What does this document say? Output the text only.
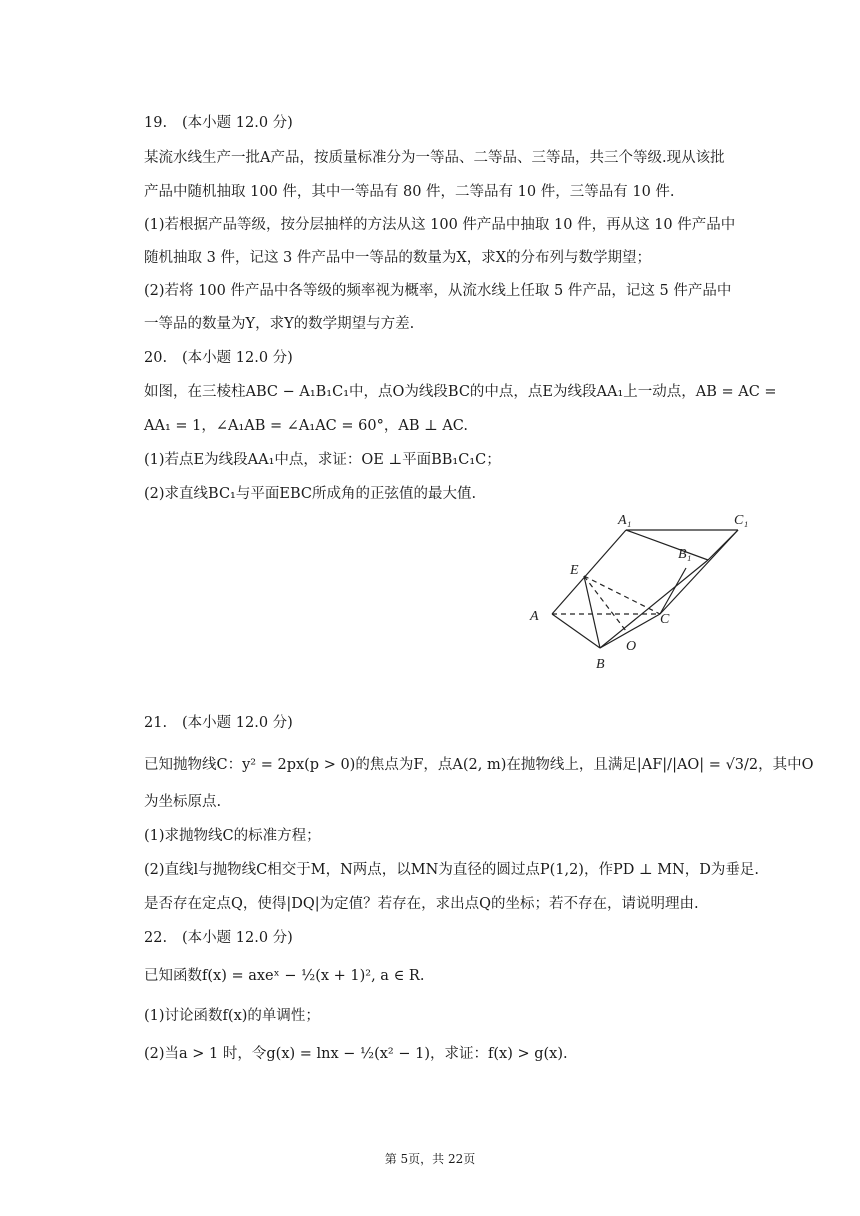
19. (本小题 12.0 分)
某流水线生产一批A产品，按质量标准分为一等品、二等品、三等品，共三个等级.现从该批
产品中随机抽取 100 件，其中一等品有 80 件，二等品有 10 件，三等品有 10 件.
(1)若根据产品等级，按分层抽样的方法从这 100 件产品中抽取 10 件，再从这 10 件产品中
随机抽取 3 件，记这 3 件产品中一等品的数量为X，求X的分布列与数学期望；
(2)若将 100 件产品中各等级的频率视为概率，从流水线上任取 5 件产品，记这 5 件产品中
一等品的数量为Y，求Y的数学期望与方差.
20. (本小题 12.0 分)
如图，在三棱柱ABC − A₁B₁C₁中，点O为线段BC的中点，点E为线段AA₁上一动点，AB = AC =
AA₁ = 1，∠A₁AB = ∠A₁AC = 60°，AB ⊥ AC.
(1)若点E为线段AA₁中点，求证：OE ⊥平面BB₁C₁C；
(2)求直线BC₁与平面EBC所成角的正弦值的最大值.
A₁	C₁
B₁
E
A	C
O
B
21. (本小题 12.0 分)
已知抛物线C：y² = 2px(p > 0)的焦点为F，点A(2, m)在抛物线上，且满足|AF|/|AO| = √3/2，其中O
为坐标原点.
(1)求抛物线C的标准方程；
(2)直线l与抛物线C相交于M，N两点，以MN为直径的圆过点P(1,2)，作PD ⊥ MN，D为垂足.
是否存在定点Q，使得|DQ|为定值？若存在，求出点Q的坐标；若不存在，请说明理由.
22. (本小题 12.0 分)
已知函数f(x) = axeˣ − ½(x + 1)², a ∈ R.
(1)讨论函数f(x)的单调性；
(2)当a > 1 时，令g(x) = lnx − ½(x² − 1)，求证：f(x) > g(x).
第 5页，共 22页
